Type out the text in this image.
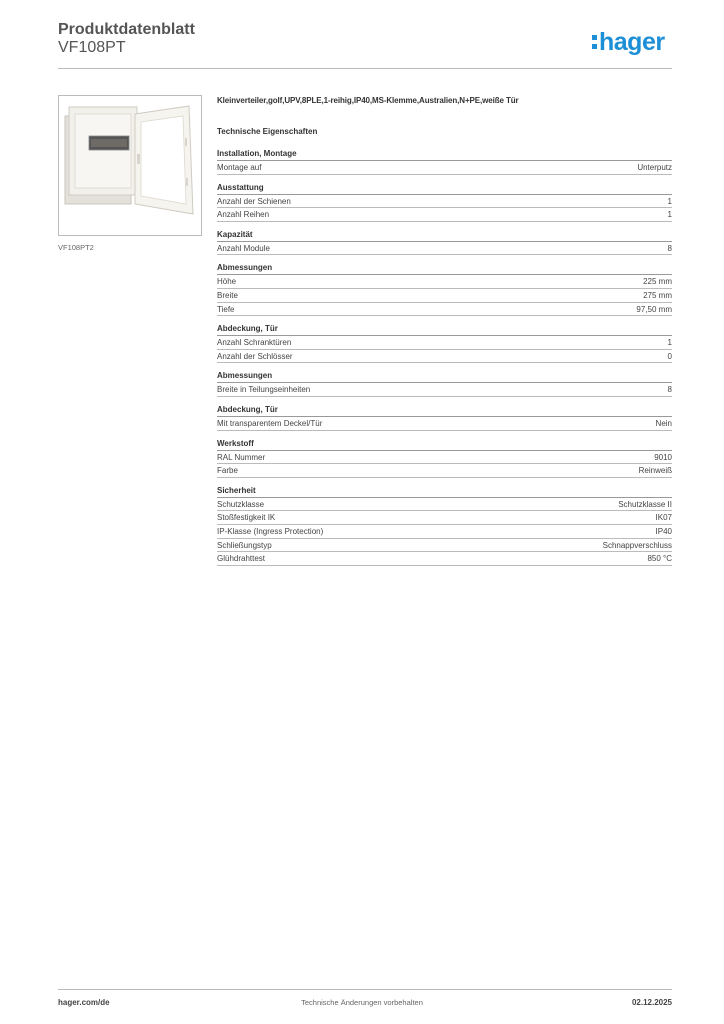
Produktdatenblatt
VF108PT	hager
VF108PT2
Kleinverteiler,golf,UPV,8PLE,1-reihig,IP40,MS-Klemme,Australien,N+PE,weiße Tür
Technische Eigenschaften
Installation, Montage
Montage auf	Unterputz
Ausstattung
Anzahl der Schienen	1
Anzahl Reihen	1
Kapazität
Anzahl Module	8
Abmessungen
Höhe	225 mm
Breite	275 mm
Tiefe	97,50 mm
Abdeckung, Tür
Anzahl Schranktüren	1
Anzahl der Schlösser	0
Abmessungen
Breite in Teilungseinheiten	8
Abdeckung, Tür
Mit transparentem Deckel/Tür	Nein
Werkstoff
RAL Nummer	9010
Farbe	Reinweiß
Sicherheit
Schutzklasse	Schutzklasse II
Stoßfestigkeit IK	IK07
IP-Klasse (Ingress Protection)	IP40
Schließungstyp	Schnappverschluss
Glühdrahttest	850 °C
hager.com/de	Technische Änderungen vorbehalten	02.12.2025
